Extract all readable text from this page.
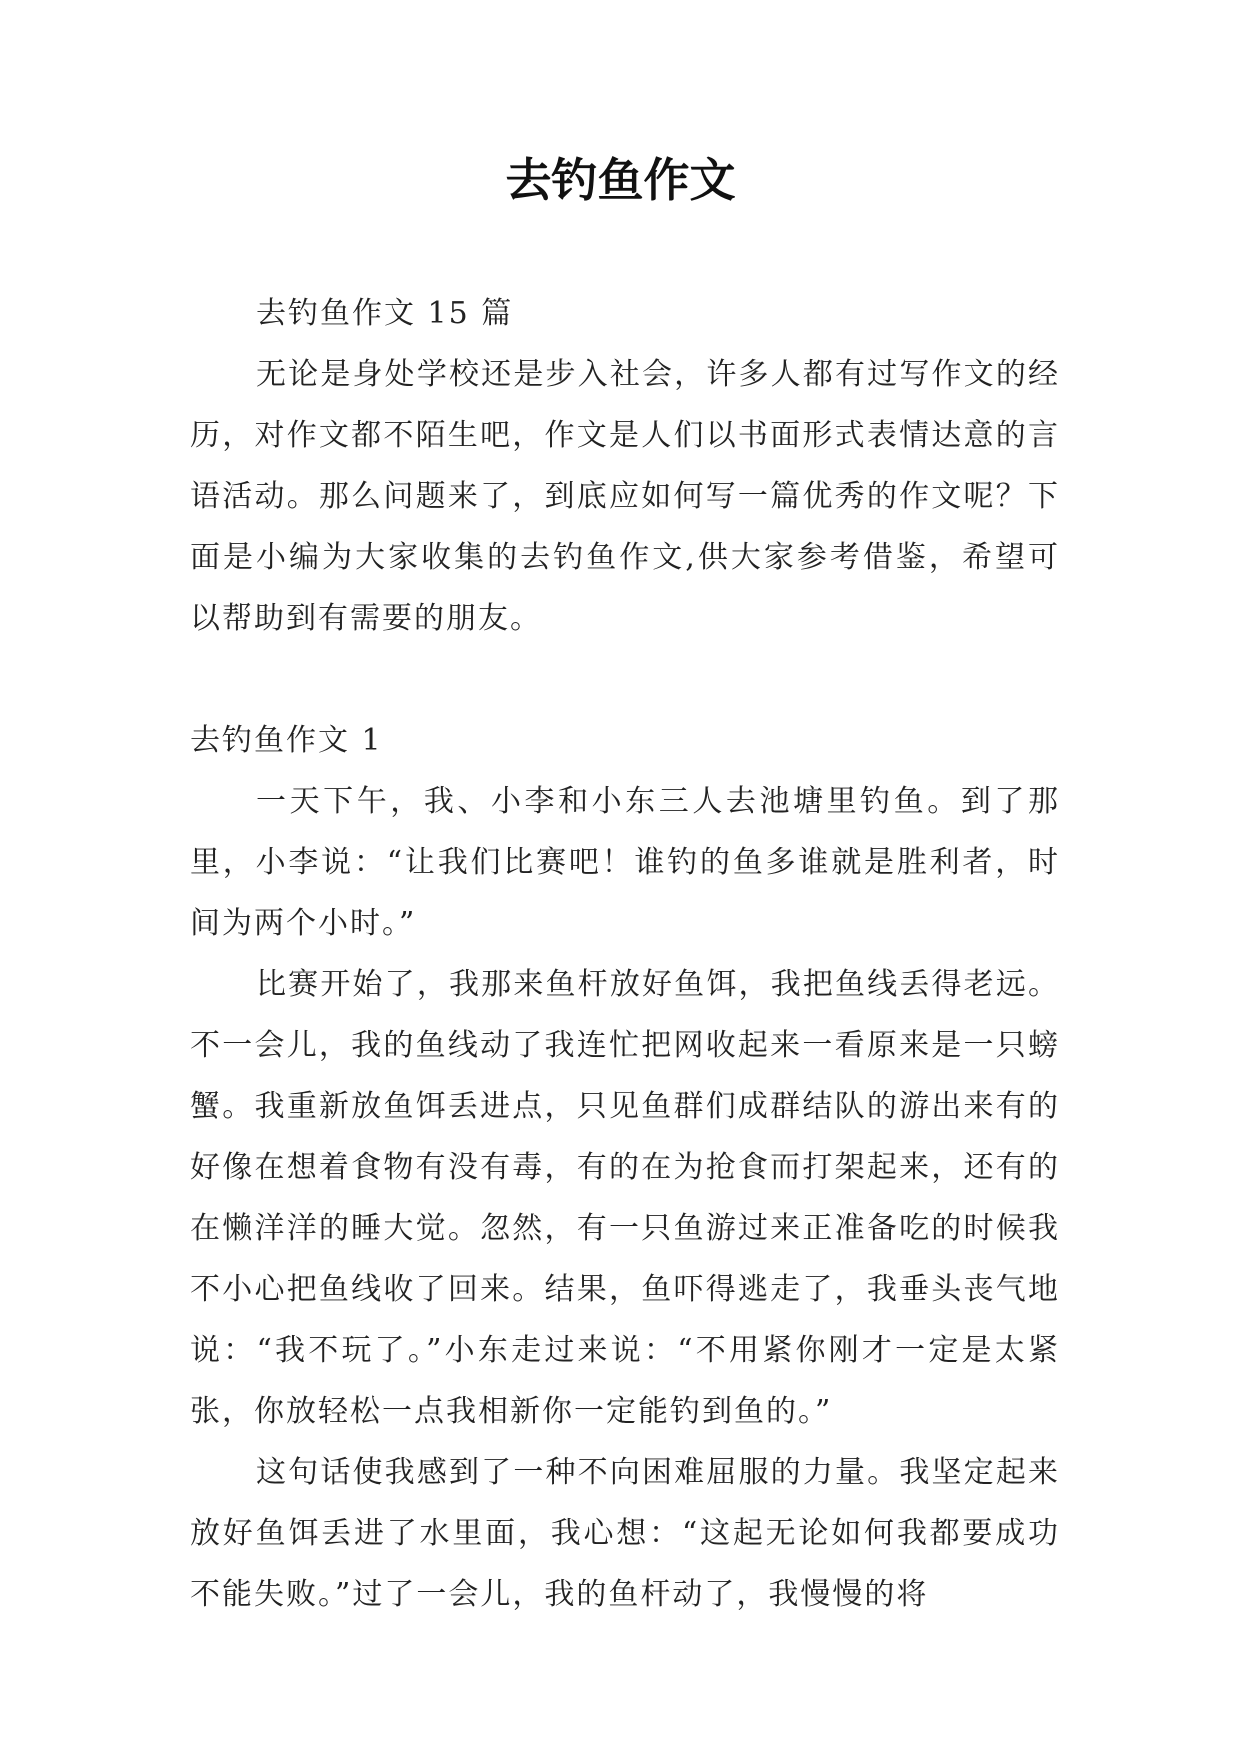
去钓鱼作文

去钓鱼作文 15 篇

无论是身处学校还是步入社会，许多人都有过写作文的经历，对作文都不陌生吧，作文是人们以书面形式表情达意的言语活动。那么问题来了，到底应如何写一篇优秀的作文呢？下面是小编为大家收集的去钓鱼作文,供大家参考借鉴，希望可以帮助到有需要的朋友。

去钓鱼作文 1

一天下午，我、小李和小东三人去池塘里钓鱼。到了那里，小李说：“让我们比赛吧！谁钓的鱼多谁就是胜利者，时间为两个小时。”

比赛开始了，我那来鱼杆放好鱼饵，我把鱼线丢得老远。不一会儿，我的鱼线动了我连忙把网收起来一看原来是一只螃蟹。我重新放鱼饵丢进点，只见鱼群们成群结队的游出来有的好像在想着食物有没有毒，有的在为抢食而打架起来，还有的在懒洋洋的睡大觉。忽然，有一只鱼游过来正准备吃的时候我不小心把鱼线收了回来。结果，鱼吓得逃走了，我垂头丧气地说：“我不玩了。”小东走过来说：“不用紧你刚才一定是太紧张，你放轻松一点我相新你一定能钓到鱼的。”

这句话使我感到了一种不向困难屈服的力量。我坚定起来放好鱼饵丢进了水里面，我心想：“这起无论如何我都要成功不能失败。”过了一会儿，我的鱼杆动了，我慢慢的将
